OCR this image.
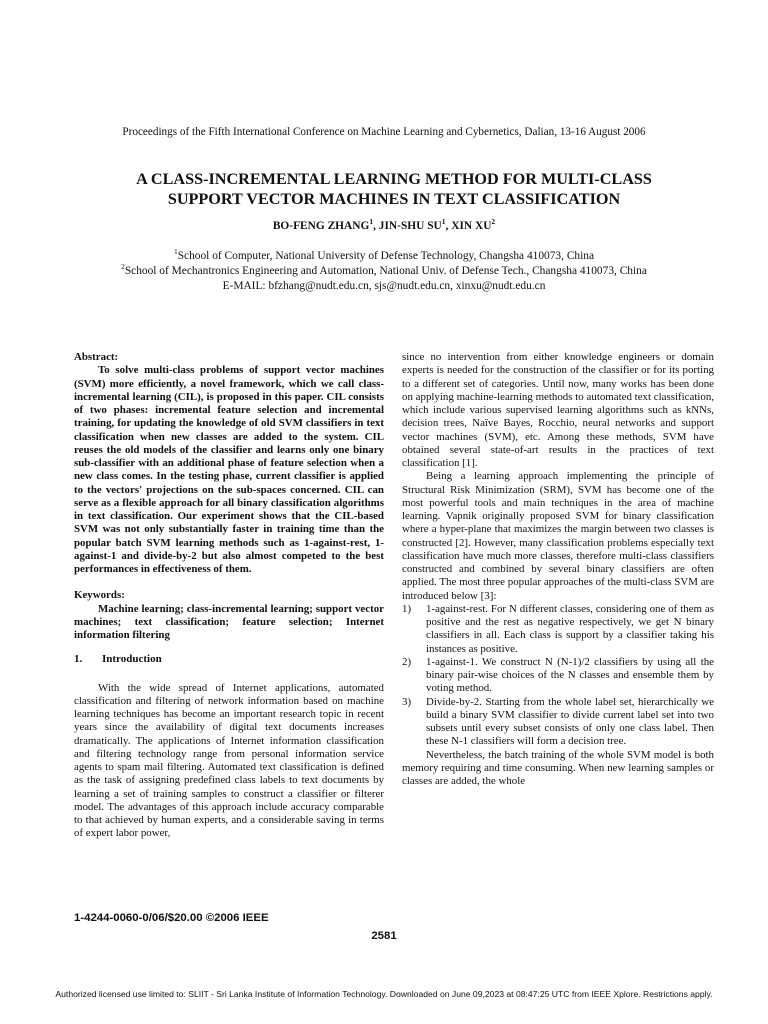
Proceedings of the Fifth International Conference on Machine Learning and Cybernetics, Dalian, 13-16 August 2006
A CLASS-INCREMENTAL LEARNING METHOD FOR MULTI-CLASS
SUPPORT VECTOR MACHINES IN TEXT CLASSIFICATION
BO-FENG ZHANG$^1$, JIN-SHU $SU^1$, XIN $XU^2$
$^1$School of Computer, National University of Defense Technology, Changsha 410073, China
$^2$School of Mechantronics Engineering and Automation, National Univ. of Defense Tech., Changsha 410073, China
E-MAIL: bfzhang@nudt.edu.cn, sjs@nudt.edu.cn, xinxu@nudt.edu.cn

Abstract:

To solve multi-class problems of support vector machines (SVM) more efficiently, a novel framework, which we call class-incremental learning (CIL), is proposed in this paper. CIL consists of two phases: incremental feature selection and incremental training, for updating the knowledge of old SVM classifiers in text classification when new classes are added to the system. CIL reuses the old models of the classifier and learns only one binary sub-classifier with an additional phase of feature selection when a new class comes. In the testing phase, current classifier is applied to the vectors' projections on the sub-spaces concerned. CIL can serve as a flexible approach for all binary classification algorithms in text classification. Our experiment shows that the CIL-based SVM was not only substantially faster in training time than the popular batch SVM learning methods such as 1-against-rest, 1-against-1 and divide-by-2 but also almost competed to the best performances in effectiveness of them.

Keywords:

Machine learning; class-incremental learning; support vector machines; text classification; feature selection; Internet information filtering

1. Introduction

With the wide spread of Internet applications, automated classification and filtering of network information based on machine learning techniques has become an important research topic in recent years since the availability of digital text documents increases dramatically. The applications of Internet information classification and filtering technology range from personal information service agents to spam mail filtering. Automated text classification is defined as the task of assigning predefined class labels to text documents by learning a set of training samples to construct a classifier or filterer model. The advantages of this approach include accuracy comparable to that achieved by human experts, and a considerable saving in terms of expert labor power,

since no intervention from either knowledge engineers or domain experts is needed for the construction of the classifier or for its porting to a different set of categories. Until now, many works has been done on applying machine-learning methods to automated text classification, which include various supervised learning algorithms such as kNNs, decision trees, Naïve Bayes, Rocchio, neural networks and support vector machines (SVM), etc. Among these methods, SVM have obtained several state-of-art results in the practices of text classification [1].

Being a learning approach implementing the principle of Structural Risk Minimization (SRM), SVM has become one of the most powerful tools and main techniques in the area of machine learning. Vapnik originally proposed SVM for binary classification where a hyper-plane that maximizes the margin between two classes is constructed [2]. However, many classification problems especially text classification have much more classes, therefore multi-class classifiers constructed and combined by several binary classifiers are often applied. The most three popular approaches of the multi-class SVM are introduced below [3]:

1) 1-against-rest. For N different classes, considering one of them as positive and the rest as negative respectively, we get N binary classifiers in all. Each class is support by a classifier taking his instances as positive.

2) 1-against-1. We construct N (N-1)/2 classifiers by using all the binary pair-wise choices of the N classes and ensemble them by voting method.

3) Divide-by-2. Starting from the whole label set, hierarchically we build a binary SVM classifier to divide current label set into two subsets until every subset consists of only one class label. Then these N-1 classifiers will form a decision tree.

Nevertheless, the batch training of the whole SVM model is both memory requiring and time consuming. When new learning samples or classes are added, the whole

1-4244-0060-0/06/$20.00 ©2006 IEEE
2581
Authorized licensed use limited to: SLIIT - Sri Lanka Institute of Information Technology. Downloaded on June 09,2023 at 08:47:25 UTC from IEEE Xplore. Restrictions apply.
